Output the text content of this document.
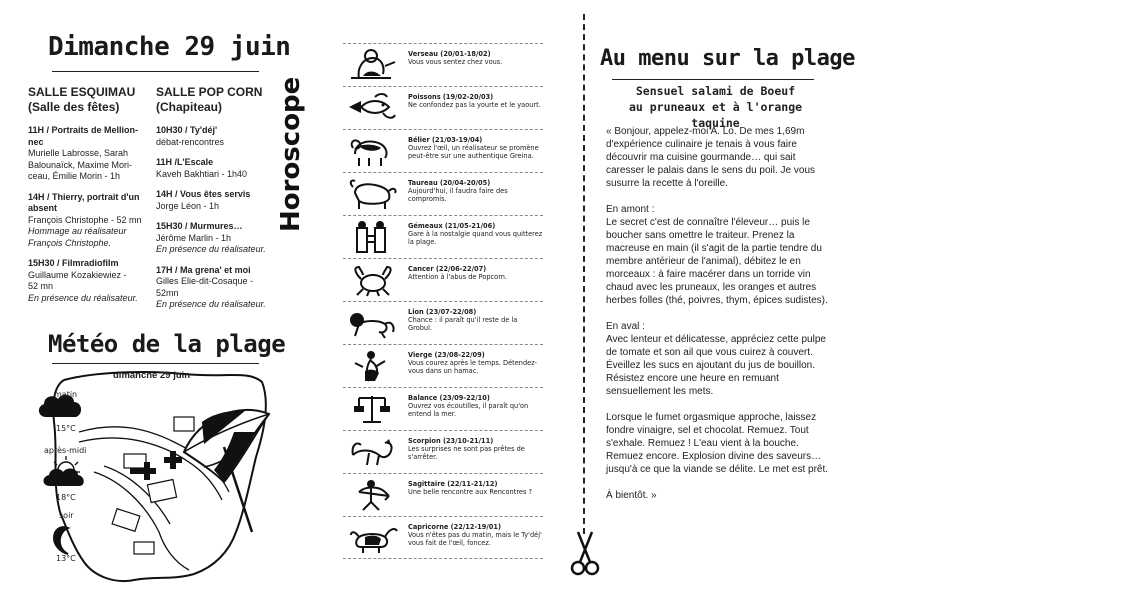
Dimanche 29 juin
SALLE ESQUIMAU
(Salle des fêtes)
11H / Portraits de Mellion-nec
Murielle Labrosse, Sarah
Balounaïck, Maxime Mori-
ceau, Émilie Morin - 1h
14H / Thierry, portrait d'un absent
François Christophe - 52 mn
Hommage au réalisateur
François Christophe.
15H30 / Filmradiofilm
Guillaume Kozakiewiez -
52 mn
En présence du réalisateur.
SALLE POP CORN
(Chapiteau)
10H30 / Ty'déj'
débat-rencontres
11H /L'Escale
Kaveh Bakhtiari - 1h40
14H / Vous êtes servis
Jorge Léon - 1h
15H30 / Murmures…
Jérôme Marlin - 1h
En présence du réalisateur.
17H / Ma grena' et moi
Gilles Elie-dit-Cosaque -
52mn
En présence du réalisateur.
Météo de la plage
dimanche 29 juin
matin
15°C
après-midi
18°C
soir
13°C
Horoscope
Verseau (20/01-18/02)
Vous vous sentez chez vous.
Poissons (19/02-20/03)
Ne confondez pas la yourte et le yaourt.
Bélier (21/03-19/04)
Ouvrez l'œil, un réalisateur se promène peut-être sur une authentique Greina.
Taureau (20/04-20/05)
Aujourd'hui, il faudra faire des compromis.
Gémeaux (21/05-21/06)
Gare à la nostalgie quand vous quitterez la plage.
Cancer (22/06-22/07)
Attention à l'abus de Popcorn.
Lion (23/07-22/08)
Chance : il paraît qu'il reste de la Grobul.
Vierge (23/08-22/09)
Vous courez après le temps. Détendez-vous dans un hamac.
Balance (23/09-22/10)
Ouvrez vos écoutilles, il paraît qu'on entend la mer.
Scorpion (23/10-21/11)
Les surprises ne sont pas prêtes de s'arrêter.
Sagittaire (22/11-21/12)
Une belle rencontre aux Rencontres ?
Capricorne (22/12-19/01)
Vous n'êtes pas du matin, mais le Ty'déj' vous fait de l'œil, foncez.
Au menu sur la plage
Sensuel salami de Boeuf
au pruneaux et à l'orange taquine

« Bonjour, appelez-moi A. Lo. De mes 1,69m d'expérience culinaire je tenais à vous faire découvrir ma cuisine gourmande… qui sait caresser le palais dans le sens du poil. Je vous susurre la recette à l'oreille.

En amont :
Le secret c'est de connaître l'éleveur… puis le boucher sans omettre le traiteur. Prenez la macreuse en main (il s'agit de la partie tendre du membre antérieur de l'animal), débitez le en morceaux : à faire macérer dans un torride vin chaud avec les pruneaux, les oranges et autres herbes folles (thé, poivres, thym, épices sudistes).

En aval :
Avec lenteur et délicatesse, appréciez cette pulpe de tomate et son ail que vous cuirez à couvert.
Éveillez les sucs en ajoutant du jus de bouillon. Résistez encore une heure en remuant sensuellement les mets.

Lorsque le fumet orgasmique approche, laissez fondre vinaigre, sel et chocolat. Remuez. Tout s'exhale. Remuez ! L'eau vient à la bouche. Remuez encore. Explosion divine des saveurs… jusqu'à ce que la viande se délite. Le met est prêt.

À bientôt. »
